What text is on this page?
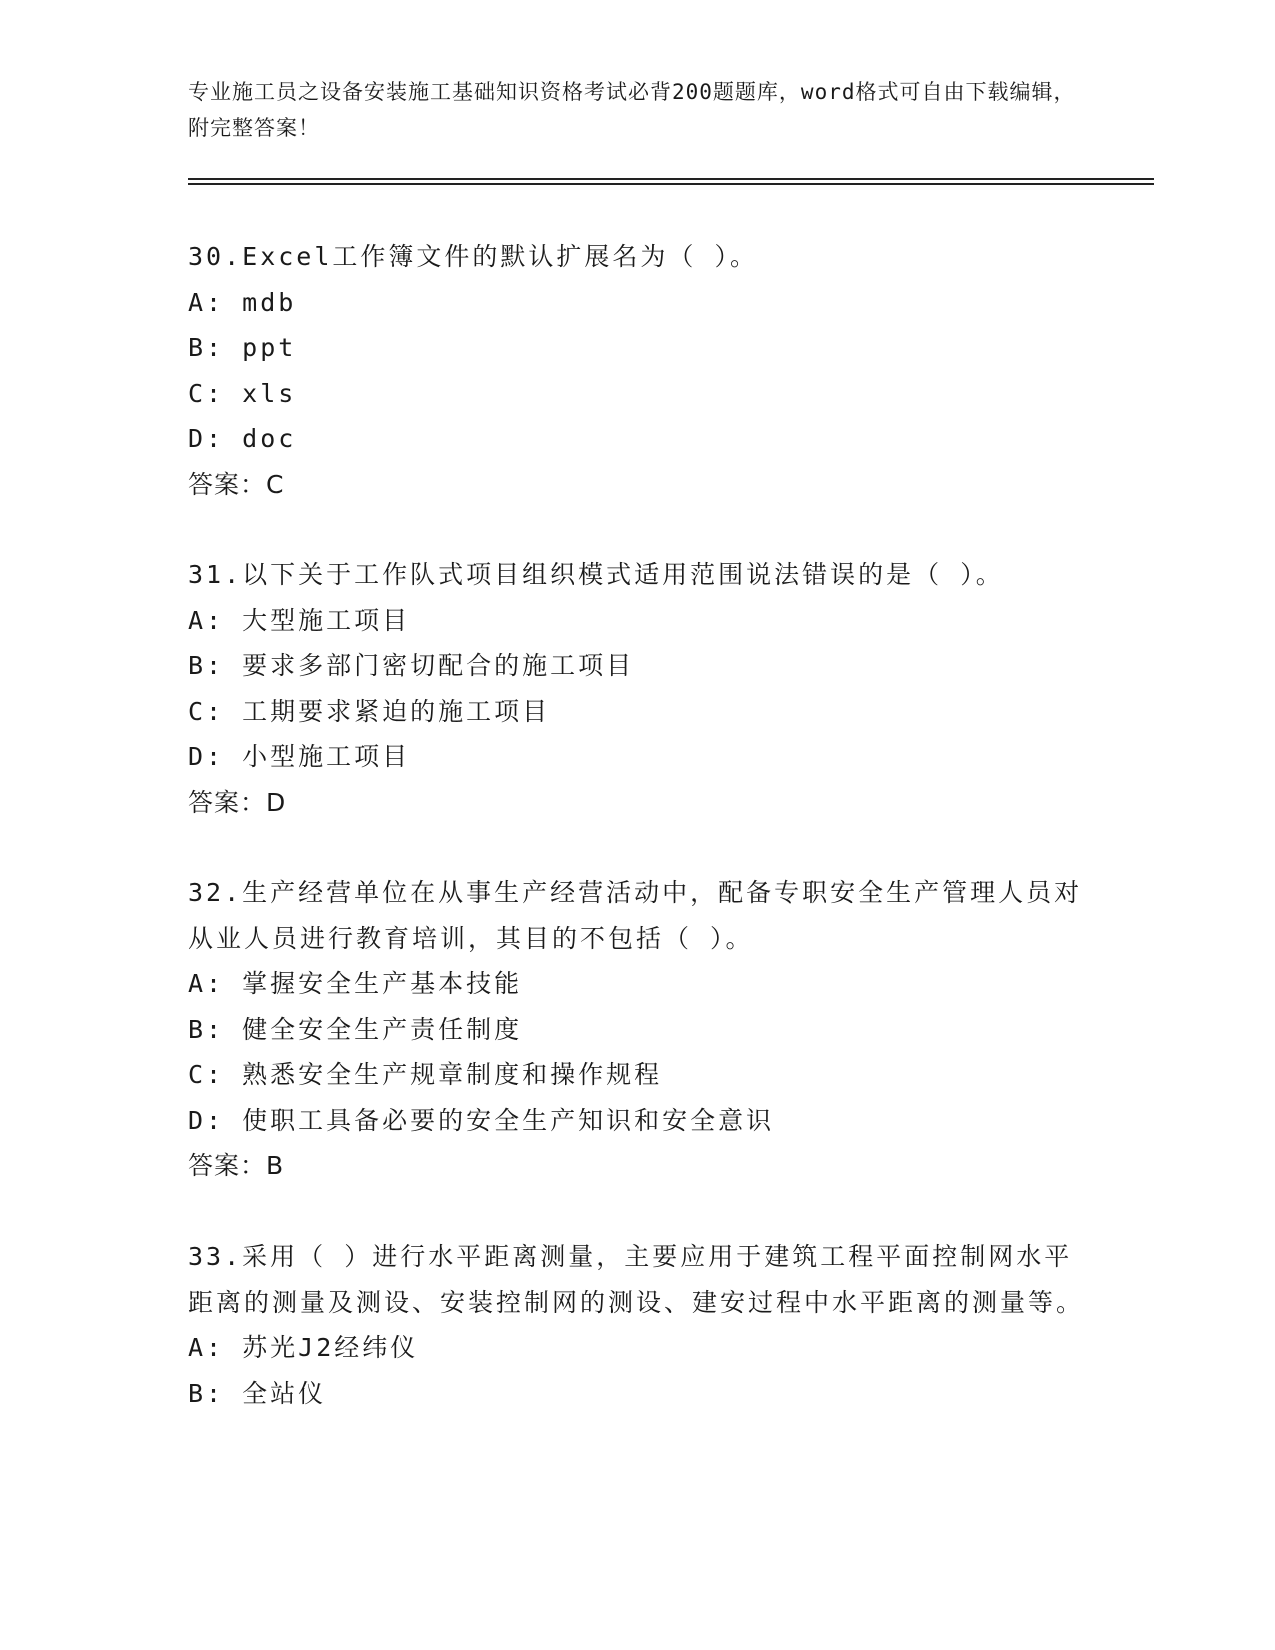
专业施工员之设备安装施工基础知识资格考试必背200题题库，word格式可自由下载编辑，附完整答案！

30.Excel工作簿文件的默认扩展名为（ ）。

A: mdb

B: ppt

C: xls

D: doc

答案：C

31.以下关于工作队式项目组织模式适用范围说法错误的是（ ）。

A: 大型施工项目

B: 要求多部门密切配合的施工项目

C: 工期要求紧迫的施工项目

D: 小型施工项目

答案：D

32.生产经营单位在从事生产经营活动中，配备专职安全生产管理人员对从业人员进行教育培训，其目的不包括（ ）。

A: 掌握安全生产基本技能

B: 健全安全生产责任制度

C: 熟悉安全生产规章制度和操作规程

D: 使职工具备必要的安全生产知识和安全意识

答案：B

33.采用（ ）进行水平距离测量，主要应用于建筑工程平面控制网水平距离的测量及测设、安装控制网的测设、建安过程中水平距离的测量等。

A: 苏光J2经纬仪

B: 全站仪
